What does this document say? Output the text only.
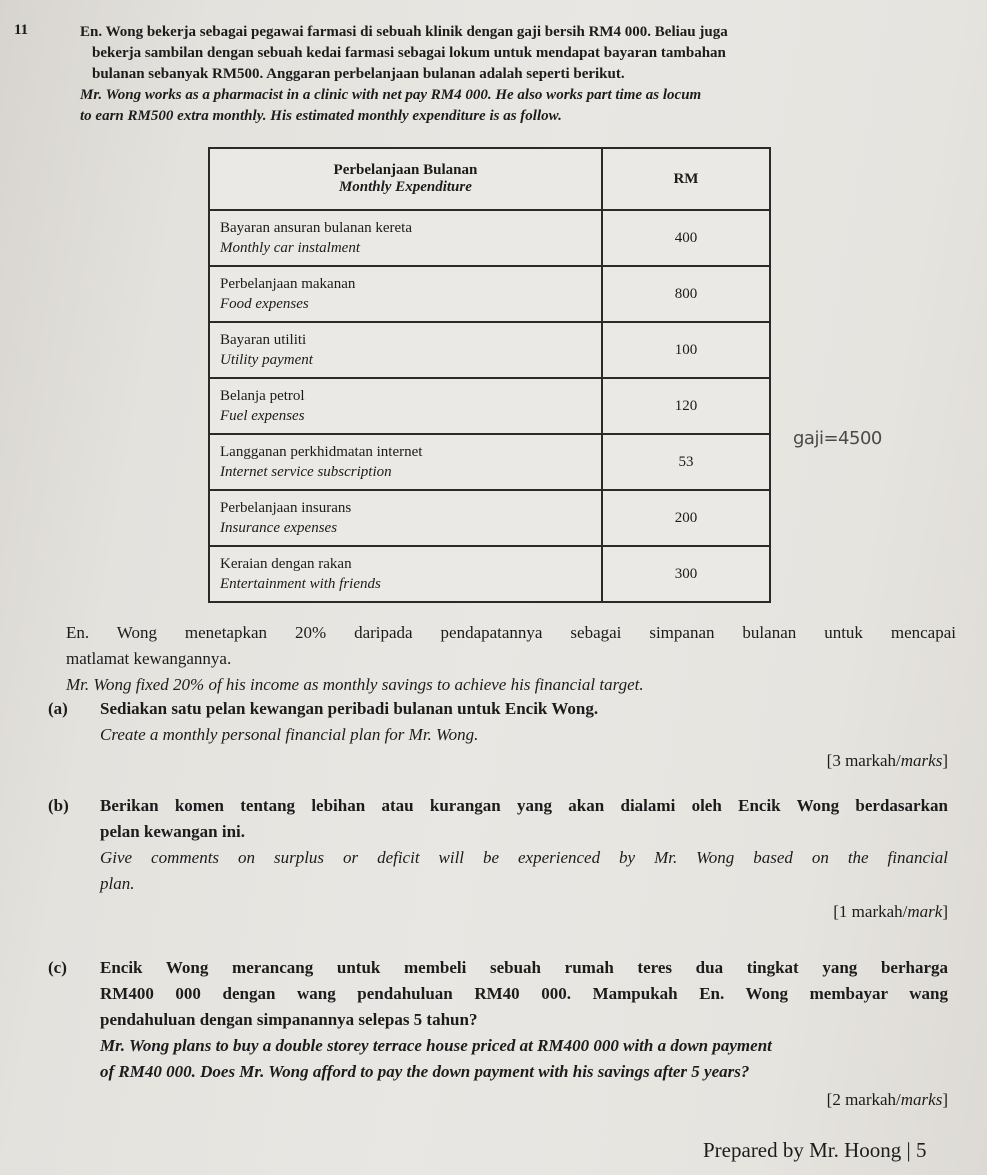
11	En. Wong bekerja sebagai pegawai farmasi di sebuah klinik dengan gaji bersih RM4 000. Beliau juga

bekerja sambilan dengan sebuah kedai farmasi sebagai lokum untuk mendapat bayaran tambahan

bulanan sebanyak RM500. Anggaran perbelanjaan bulanan adalah seperti berikut.

Mr. Wong works as a pharmacist in a clinic with net pay RM4 000. He also works part time as locum

to earn RM500 extra monthly. His estimated monthly expenditure is as follow.

Perbelanjaan Bulanan
Monthly Expenditure	RM

Bayaran ansuran bulanan kereta
Monthly car instalment	400

Perbelanjaan makanan
Food expenses	800

Bayaran utiliti
Utility payment	100

Belanja petrol
Fuel expenses	120

Langganan perkhidmatan internet
Internet service subscription	53

Perbelanjaan insurans
Insurance expenses	200

Keraian dengan rakan
Entertainment with friends	300
gaji=4500

En. Wong menetapkan 20% daripada pendapatannya sebagai simpanan bulanan untuk mencapai

matlamat kewangannya.

Mr. Wong fixed 20% of his income as monthly savings to achieve his financial target.

(a) Sediakan satu pelan kewangan peribadi bulanan untuk Encik Wong.

Create a monthly personal financial plan for Mr. Wong.

[3 markah/marks]
(b) Berikan komen tentang lebihan atau kurangan yang akan dialami oleh Encik Wong berdasarkan

pelan kewangan ini.

Give comments on surplus or deficit will be experienced by Mr. Wong based on the financial

plan.

[1 markah/mark]
(c) Encik Wong merancang untuk membeli sebuah rumah teres dua tingkat yang berharga

RM400 000 dengan wang pendahuluan RM40 000. Mampukah En. Wong membayar wang

pendahuluan dengan simpanannya selepas 5 tahun?

Mr. Wong plans to buy a double storey terrace house priced at RM400 000 with a down payment

of RM40 000. Does Mr. Wong afford to pay the down payment with his savings after 5 years?

[2 markah/marks]
Prepared by Mr. Hoong | 5
